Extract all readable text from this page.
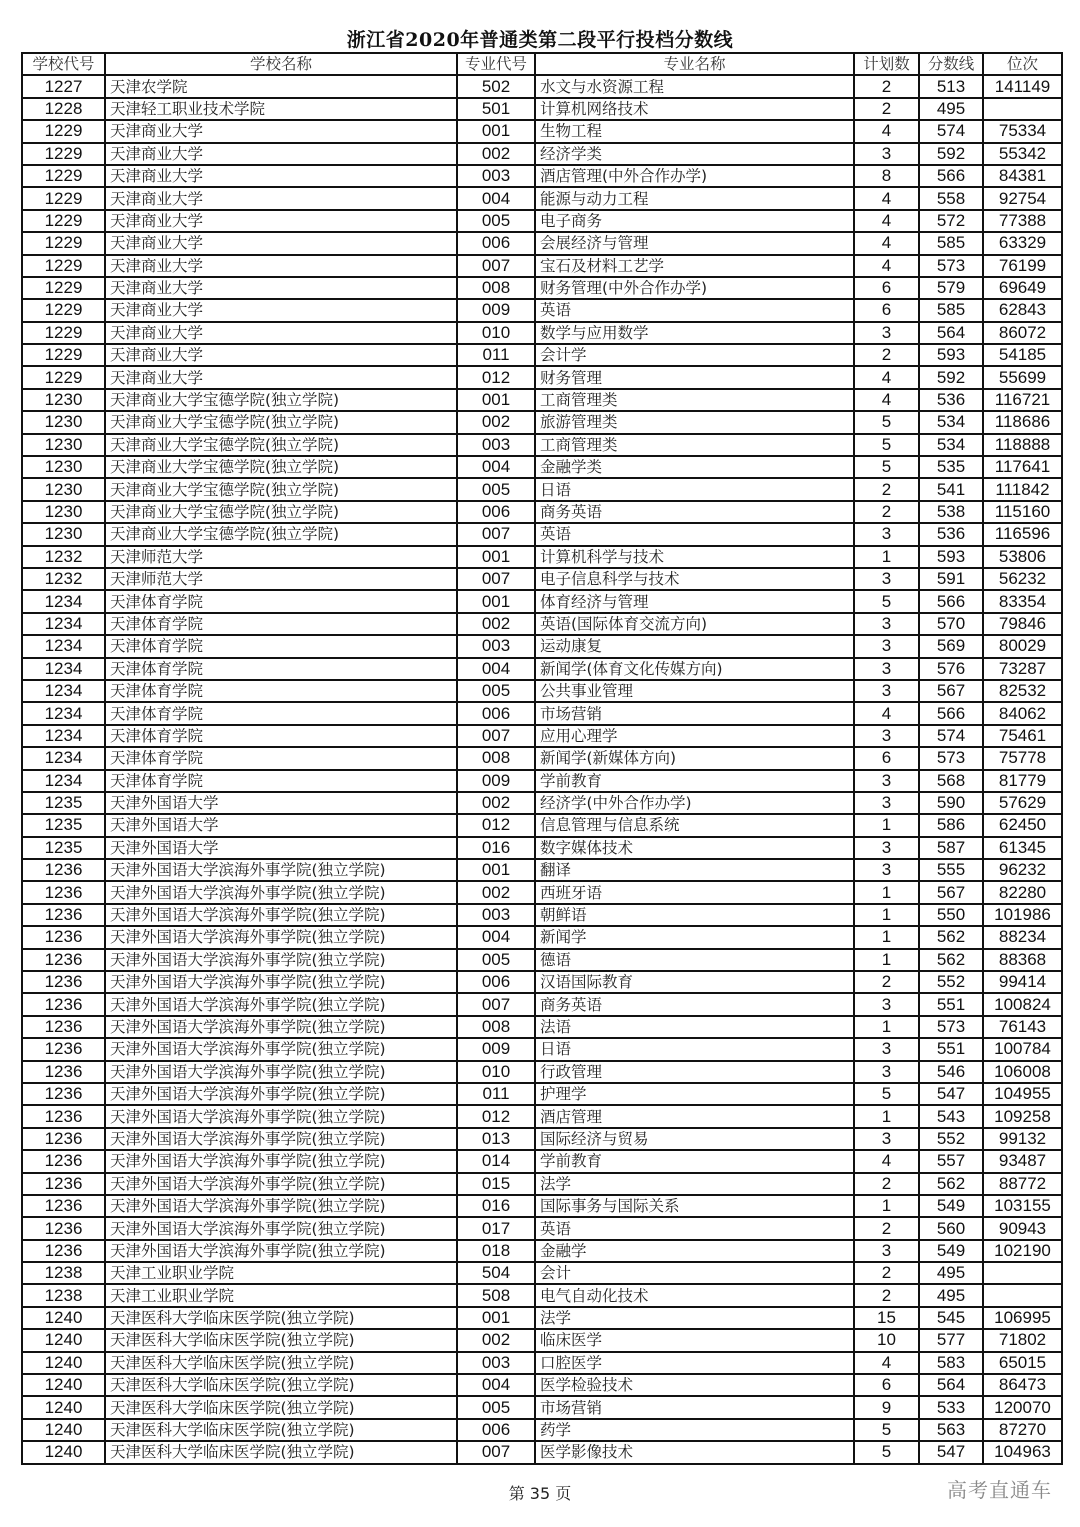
浙江省2020年普通类第二段平行投档分数线
学校代号	学校名称	专业代号	专业名称	计划数	分数线	位次
1227	天津农学院	502	水文与水资源工程	2	513	141149
1228	天津轻工职业技术学院	501	计算机网络技术	2	495	
1229	天津商业大学	001	生物工程	4	574	75334
1229	天津商业大学	002	经济学类	3	592	55342
1229	天津商业大学	003	酒店管理(中外合作办学)	8	566	84381
1229	天津商业大学	004	能源与动力工程	4	558	92754
1229	天津商业大学	005	电子商务	4	572	77388
1229	天津商业大学	006	会展经济与管理	4	585	63329
1229	天津商业大学	007	宝石及材料工艺学	4	573	76199
1229	天津商业大学	008	财务管理(中外合作办学)	6	579	69649
1229	天津商业大学	009	英语	6	585	62843
1229	天津商业大学	010	数学与应用数学	3	564	86072
1229	天津商业大学	011	会计学	2	593	54185
1229	天津商业大学	012	财务管理	4	592	55699
1230	天津商业大学宝德学院(独立学院)	001	工商管理类	4	536	116721
1230	天津商业大学宝德学院(独立学院)	002	旅游管理类	5	534	118686
1230	天津商业大学宝德学院(独立学院)	003	工商管理类	5	534	118888
1230	天津商业大学宝德学院(独立学院)	004	金融学类	5	535	117641
1230	天津商业大学宝德学院(独立学院)	005	日语	2	541	111842
1230	天津商业大学宝德学院(独立学院)	006	商务英语	2	538	115160
1230	天津商业大学宝德学院(独立学院)	007	英语	3	536	116596
1232	天津师范大学	001	计算机科学与技术	1	593	53806
1232	天津师范大学	007	电子信息科学与技术	3	591	56232
1234	天津体育学院	001	体育经济与管理	5	566	83354
1234	天津体育学院	002	英语(国际体育交流方向)	3	570	79846
1234	天津体育学院	003	运动康复	3	569	80029
1234	天津体育学院	004	新闻学(体育文化传媒方向)	3	576	73287
1234	天津体育学院	005	公共事业管理	3	567	82532
1234	天津体育学院	006	市场营销	4	566	84062
1234	天津体育学院	007	应用心理学	3	574	75461
1234	天津体育学院	008	新闻学(新媒体方向)	6	573	75778
1234	天津体育学院	009	学前教育	3	568	81779
1235	天津外国语大学	002	经济学(中外合作办学)	3	590	57629
1235	天津外国语大学	012	信息管理与信息系统	1	586	62450
1235	天津外国语大学	016	数字媒体技术	3	587	61345
1236	天津外国语大学滨海外事学院(独立学院)	001	翻译	3	555	96232
1236	天津外国语大学滨海外事学院(独立学院)	002	西班牙语	1	567	82280
1236	天津外国语大学滨海外事学院(独立学院)	003	朝鲜语	1	550	101986
1236	天津外国语大学滨海外事学院(独立学院)	004	新闻学	1	562	88234
1236	天津外国语大学滨海外事学院(独立学院)	005	德语	1	562	88368
1236	天津外国语大学滨海外事学院(独立学院)	006	汉语国际教育	2	552	99414
1236	天津外国语大学滨海外事学院(独立学院)	007	商务英语	3	551	100824
1236	天津外国语大学滨海外事学院(独立学院)	008	法语	1	573	76143
1236	天津外国语大学滨海外事学院(独立学院)	009	日语	3	551	100784
1236	天津外国语大学滨海外事学院(独立学院)	010	行政管理	3	546	106008
1236	天津外国语大学滨海外事学院(独立学院)	011	护理学	5	547	104955
1236	天津外国语大学滨海外事学院(独立学院)	012	酒店管理	1	543	109258
1236	天津外国语大学滨海外事学院(独立学院)	013	国际经济与贸易	3	552	99132
1236	天津外国语大学滨海外事学院(独立学院)	014	学前教育	4	557	93487
1236	天津外国语大学滨海外事学院(独立学院)	015	法学	2	562	88772
1236	天津外国语大学滨海外事学院(独立学院)	016	国际事务与国际关系	1	549	103155
1236	天津外国语大学滨海外事学院(独立学院)	017	英语	2	560	90943
1236	天津外国语大学滨海外事学院(独立学院)	018	金融学	3	549	102190
1238	天津工业职业学院	504	会计	2	495	
1238	天津工业职业学院	508	电气自动化技术	2	495	
1240	天津医科大学临床医学院(独立学院)	001	法学	15	545	106995
1240	天津医科大学临床医学院(独立学院)	002	临床医学	10	577	71802
1240	天津医科大学临床医学院(独立学院)	003	口腔医学	4	583	65015
1240	天津医科大学临床医学院(独立学院)	004	医学检验技术	6	564	86473
1240	天津医科大学临床医学院(独立学院)	005	市场营销	9	533	120070
1240	天津医科大学临床医学院(独立学院)	006	药学	5	563	87270
1240	天津医科大学临床医学院(独立学院)	007	医学影像技术	5	547	104963
第 35 页	高考直通车
